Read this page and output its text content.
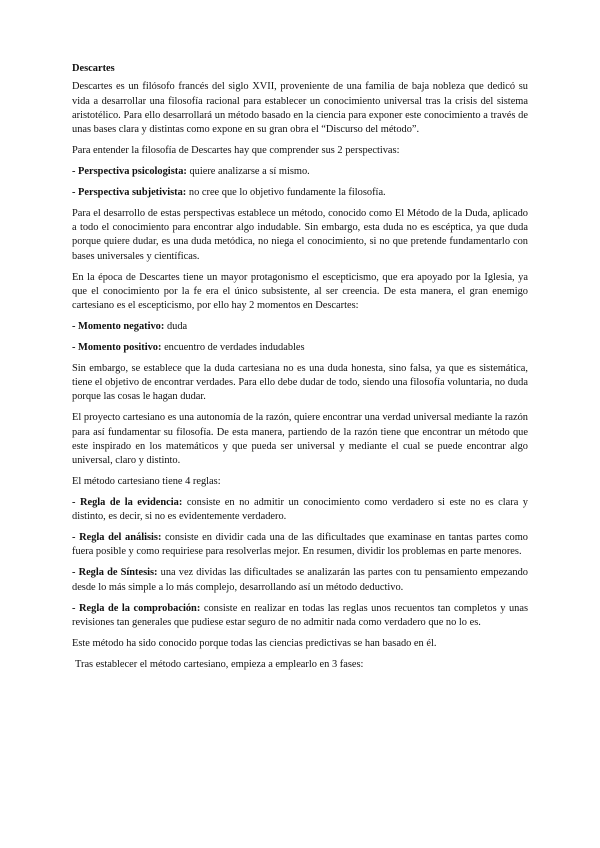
Descartes

Descartes es un filósofo francés del siglo XVII, proveniente de una familia de baja nobleza que dedicó su vida a desarrollar una filosofía racional para establecer un conocimiento universal tras la crisis del sistema aristotélico. Para ello desarrollará un método basado en la ciencia para exponer este conocimiento a través de unas bases clara y distintas como expone en su gran obra el “Discurso del método”.

Para entender la filosofía de Descartes hay que comprender sus 2 perspectivas:

- Perspectiva psicologista: quiere analizarse a sí mismo.

- Perspectiva subjetivista: no cree que lo objetivo fundamente la filosofía.

Para el desarrollo de estas perspectivas establece un método, conocido como El Método de la Duda, aplicado a todo el conocimiento para encontrar algo indudable. Sin embargo, esta duda no es escéptica, ya que duda porque quiere dudar, es una duda metódica, no niega el conocimiento, si no que pretende fundamentarlo con bases universales y científicas.

En la época de Descartes tiene un mayor protagonismo el escepticismo, que era apoyado por la Iglesia, ya que el conocimiento por la fe era el único subsistente, al ser creencia. De esta manera, el gran enemigo cartesiano es el escepticismo, por ello hay 2 momentos en Descartes:

- Momento negativo: duda

- Momento positivo: encuentro de verdades indudables

Sin embargo, se establece que la duda cartesiana no es una duda honesta, sino falsa, ya que es sistemática, tiene el objetivo de encontrar verdades. Para ello debe dudar de todo, siendo una filosofía voluntaria, no duda porque las cosas le hagan dudar.

El proyecto cartesiano es una autonomía de la razón, quiere encontrar una verdad universal mediante la razón para así fundamentar su filosofía. De esta manera, partiendo de la razón tiene que encontrar un método que este inspirado en los matemáticos y que pueda ser universal y mediante el cual se puede encontrar algo universal, claro y distinto.

El método cartesiano tiene 4 reglas:

- Regla de la evidencia: consiste en no admitir un conocimiento como verdadero si este no es clara y distinto, es decir, si no es evidentemente verdadero.

- Regla del análisis: consiste en dividir cada una de las dificultades que examinase en tantas partes como fuera posible y como requiriese para resolverlas mejor. En resumen, dividir los problemas en parte menores.

- Regla de Síntesis: una vez dividas las dificultades se analizarán las partes con tu pensamiento empezando desde lo más simple a lo más complejo, desarrollando así un método deductivo.

- Regla de la comprobación: consiste en realizar en todas las reglas unos recuentos tan completos y unas revisiones tan generales que pudiese estar seguro de no admitir nada como verdadero que no lo es.

Este método ha sido conocido porque todas las ciencias predictivas se han basado en él.

Tras establecer el método cartesiano, empieza a emplearlo en 3 fases:
